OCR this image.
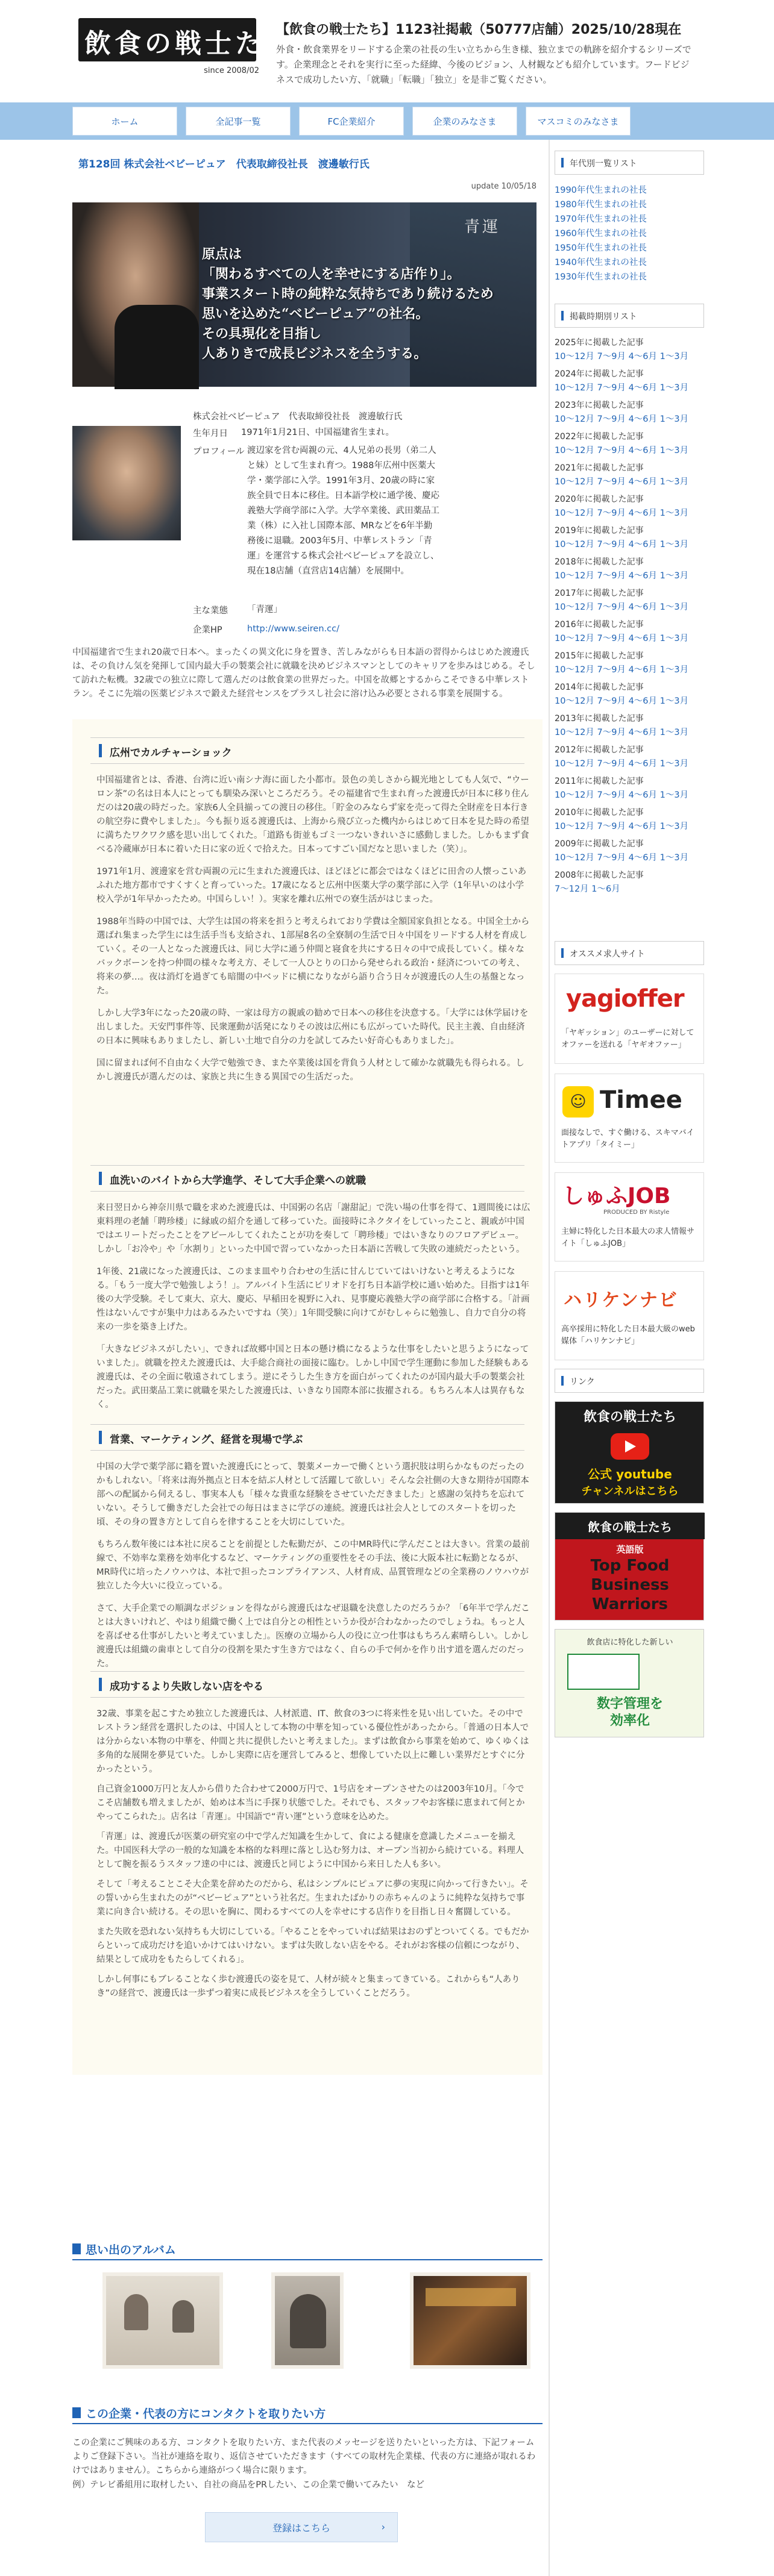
飲食の戦士たち
since 2008/02
【飲食の戦士たち】1123社掲載（50777店舗）2025/10/28現在
外食・飲食業界をリードする企業の社長の生い立ちから生き様、独立までの軌跡を紹介するシリーズです。企業理念とそれを実行に至った経緯、今後のビジョン、人材観なども紹介しています。フードビジネスで成功したい方、「就職」「転職」「独立」を是非ご覧ください。
ホーム	全記事一覧	FC企業紹介	企業のみなさま	マスコミのみなさま
第128回 株式会社ベビーピュア　代表取締役社長　渡邊敏行氏
update 10/05/18
青運
原点は
「関わるすべての人を幸せにする店作り」。
事業スタート時の純粋な気持ちであり続けるため
思いを込めた“ベビーピュア”の社名。
その具現化を目指し
人ありきで成長ビジネスを全うする。
株式会社ベビーピュア　代表取締役社長　渡邊敏行氏
生年月日 1971年1月21日、中国福建省生まれ。
プロフィール 渡辺家を営む両親の元、4人兄弟の長男（弟二人と妹）として生まれ育つ。1988年広州中医薬大学・薬学部に入学。1991年3月、20歳の時に家族全員で日本に移住。日本語学校に通学後、慶応義塾大学商学部に入学。大学卒業後、武田薬品工業（株）に入社し国際本部、MRなどを6年半勤務後に退職。2003年5月、中華レストラン「青運」を運営する株式会社ベビーピュアを設立し、現在18店舗（直営店14店舗）を展開中。
主な業態	「青運」
企業HP	http://www.seiren.cc/
中国福建省で生まれ20歳で日本へ。まったくの異文化に身を置き、苦しみながらも日本語の習得からはじめた渡邊氏は、その負けん気を発揮して国内最大手の製薬会社に就職を決めビジネスマンとしてのキャリアを歩みはじめる。そして訪れた転機。32歳での独立に際して選んだのは飲食業の世界だった。中国を故郷とするからこそできる中華レストラン。そこに先端の医薬ビジネスで鍛えた経営センスをプラスし社会に溶け込み必要とされる事業を展開する。
広州でカルチャーショック

中国福建省とは、香港、台湾に近い南シナ海に面した小都市。景色の美しさから観光地としても人気で、“ウーロン茶”の名は日本人にとっても馴染み深いところだろう。その福建省で生まれ育った渡邊氏が日本に移り住んだのは20歳の時だった。家族6人全員揃っての渡日の移住。「貯金のみならず家を売って得た全財産を日本行きの航空券に費やしました」。今も振り返る渡邊氏は、上海から飛び立った機内からはじめて日本を見た時の希望に満ちたワクワク感を思い出してくれた。「道路も街並もゴミ一つないきれいさに感動しました。しかもまず食べる冷蔵庫が日本に着いた日に家の近くで拾えた。日本ってすごい国だなと思いました（笑）」。

1971年1月、渡邊家を営む両親の元に生まれた渡邊氏は、ほどほどに都会ではなくほどに田舎の人懐っこいあふれた地方都市ですくすくと育っていった。17歳になると広州中医薬大学の薬学部に入学（1年早いのは小学校入学が1年早かったため。中国らしい！）。実家を離れ広州での寮生活がはじまった。

1988年当時の中国では、大学生は国の将来を担うと考えられており学費は全額国家負担となる。中国全土から選ばれ集まった学生には生活手当も支給され、1部屋8名の全寮制の生活で日々中国をリードする人材を育成していく。その一人となった渡邊氏は、同じ大学に通う仲間と寝食を共にする日々の中で成長していく。様々なバックボーンを持つ仲間の様々な考え方、そして一人ひとりの口から発せられる政治・経済についての考え、将来の夢…。夜は消灯を過ぎても暗闇の中ベッドに横になりながら語り合う日々が渡邊氏の人生の基盤となった。

しかし大学3年になった20歳の時、一家は母方の親戚の勧めで日本への移住を決意する。「大学には休学届けを出しました。天安門事件等、民衆運動が活発になりその波は広州にも広がっていた時代。民主主義、自由経済の日本に興味もありましたし、新しい土地で自分の力を試してみたい好奇心もありました」。

国に留まれば何不自由なく大学で勉強でき、また卒業後は国を背負う人材として確かな就職先も得られる。しかし渡邊氏が選んだのは、家族と共に生きる異国での生活だった。

血洗いのバイトから大学進学、そして大手企業への就職

来日翌日から神奈川県で職を求めた渡邊氏は、中国粥の名店「謝甜記」で洗い場の仕事を得て、1週間後には広東料理の老舗「聘珍楼」に縁戚の紹介を通して移っていた。面接時にネクタイをしていったこと、親戚が中国ではエリートだったことをアピールしてくれたことが功を奏して「聘珍楼」ではいきなりのフロアデビュー。しかし「お冷や」や「水割り」といった中国で習っていなかった日本語に苦戦して失敗の連続だったという。

1年後、21歳になった渡邊氏は、このまま皿やり合わせの生活に甘んじていてはいけないと考えるようになる。「もう一度大学で勉強しよう！」。アルバイト生活にピリオドを打ち日本語学校に通い始めた。目指すは1年後の大学受験。そして東大、京大、慶応、早稲田を視野に入れ、見事慶応義塾大学の商学部に合格する。「計画性はないんですが集中力はあるみたいですね（笑）」1年間受験に向けてがむしゃらに勉強し、自力で自分の将来の一歩を築き上げた。

「大きなビジネスがしたい」、できれば故郷中国と日本の懸け橋になるような仕事をしたいと思うようになっていました」。就職を控えた渡邊氏は、大手総合商社の面接に臨む。しかし中国で学生運動に参加した経験もある渡邊氏は、その全面に敬遠されてしまう。逆にそうした生き方を面白がってくれたのが国内最大手の製薬会社だった。武田薬品工業に就職を果たした渡邊氏は、いきなり国際本部に抜擢される。もちろん本人は異存もなく。

営業、マーケティング、経営を現場で学ぶ

中国の大学で薬学部に籍を置いた渡邊氏にとって、製薬メーカーで働くという選択肢は明らかなものだったのかもしれない。「将来は海外拠点と日本を結ぶ人材として活躍して欲しい」そんな会社側の大きな期待が国際本部への配属から伺えるし、事実本人も「様々な貴重な経験をさせていただきました」と感謝の気持ちを忘れていない。そうして働きだした会社での毎日はまさに学びの連続。渡邊氏は社会人としてのスタートを切った頃、その身の置き方として自らを律することを大切にしていた。

もちろん数年後には本社に戻ることを前提とした転勤だが、この中MR時代に学んだことは大きい。営業の最前線で、不効率な業務を効率化するなど、マーケティングの重要性をその手法、後に大阪本社に転勤となるが、MR時代に培ったノウハウは、本社で担ったコンプライアンス、人材育成、品質管理などの全業務のノウハウが独立した今大いに役立っている。

さて、大手企業での順調なポジションを得ながら渡邊氏はなぜ退職を決意したのだろうか？「6年半で学んだことは大きいけれど、やはり組織で働く上では自分との相性というか役が合わなかったのでしょうね。もっと人を喜ばせる仕事がしたいと考えていました」。医療の立場から人の役に立つ仕事はもちろん素晴らしい。しかし渡邊氏は組織の歯車として自分の役割を果たす生き方ではなく、自らの手で何かを作り出す道を選んだのだった。

成功するより失敗しない店をやる

32歳、事業を起こすため独立した渡邊氏は、人材派遣、IT、飲食の3つに将来性を見い出していた。その中でレストラン経営を選択したのは、中国人として本物の中華を知っている優位性があったから。「普通の日本人では分からない本物の中華を、仲間と共に提供したいと考えました」。まずは飲食から事業を始めて、ゆくゆくは多角的な展開を夢見ていた。しかし実際に店を運営してみると、想像していた以上に難しい業界だとすぐに分かったという。

自己資金1000万円と友人から借りた合わせて2000万円で、1号店をオープンさせたのは2003年10月。「今でこそ店舗数も増えましたが、始めは本当に手探り状態でした。それでも、スタッフやお客様に恵まれて何とかやってこられた」。店名は「青運」。中国語で“青い運”という意味を込めた。

「青運」は、渡邊氏が医薬の研究室の中で学んだ知識を生かして、食による健康を意識したメニューを揃えた。中国医科大学の一般的な知識を本格的な料理に落とし込む努力は、オープン当初から続けている。料理人として腕を振るうスタッフ達の中には、渡邊氏と同じように中国から来日した人も多い。

そして「考えることこそ大企業を辞めたのだから、私はシンプルにピュアに夢の実現に向かって行きたい」。その誓いから生まれたのが“ベビーピュア”という社名だ。生まれたばかりの赤ちゃんのように純粋な気持ちで事業に向き合い続ける。その思いを胸に、関わるすべての人を幸せにする店作りを目指し日々奮闘している。

また失敗を恐れない気持ちも大切にしている。「やることをやっていれば結果はおのずとついてくる。でもだからといって成功だけを追いかけてはいけない。まずは失敗しない店をやる。それがお客様の信頼につながり、結果として成功をもたらしてくれる」。

しかし何事にもブレることなく歩む渡邊氏の姿を見て、人材が続々と集まってきている。これからも“人ありき”の経営で、渡邊氏は一歩ずつ着実に成長ビジネスを全うしていくことだろう。

思い出のアルバム
この企業・代表の方にコンタクトを取りたい方
この企業にご興味のある方、コンタクトを取りたい方、また代表のメッセージを送りたいといった方は、下記フォームよりご登録下さい。当社が連絡を取り、返信させていただきます（すべての取材先企業様、代表の方に連絡が取れるわけではありません）。こちらから連絡がつく場合に限ります。
例）テレビ番組用に取材したい、自社の商品をPRしたい、この企業で働いてみたい　など
登録はこちら	›
年代別一覧リスト
1990年代生まれの社長
1980年代生まれの社長
1970年代生まれの社長
1960年代生まれの社長
1950年代生まれの社長
1940年代生まれの社長
1930年代生まれの社長
掲載時期別リスト
2025年に掲載した記事
10〜12月 7〜9月 4〜6月 1〜3月
2024年に掲載した記事
10〜12月 7〜9月 4〜6月 1〜3月
2023年に掲載した記事
10〜12月 7〜9月 4〜6月 1〜3月
2022年に掲載した記事
10〜12月 7〜9月 4〜6月 1〜3月
2021年に掲載した記事
10〜12月 7〜9月 4〜6月 1〜3月
2020年に掲載した記事
10〜12月 7〜9月 4〜6月 1〜3月
2019年に掲載した記事
10〜12月 7〜9月 4〜6月 1〜3月
2018年に掲載した記事
10〜12月 7〜9月 4〜6月 1〜3月
2017年に掲載した記事
10〜12月 7〜9月 4〜6月 1〜3月
2016年に掲載した記事
10〜12月 7〜9月 4〜6月 1〜3月
2015年に掲載した記事
10〜12月 7〜9月 4〜6月 1〜3月
2014年に掲載した記事
10〜12月 7〜9月 4〜6月 1〜3月
2013年に掲載した記事
10〜12月 7〜9月 4〜6月 1〜3月
2012年に掲載した記事
10〜12月 7〜9月 4〜6月 1〜3月
2011年に掲載した記事
10〜12月 7〜9月 4〜6月 1〜3月
2010年に掲載した記事
10〜12月 7〜9月 4〜6月 1〜3月
2009年に掲載した記事
10〜12月 7〜9月 4〜6月 1〜3月
2008年に掲載した記事
7〜12月 1〜6月
オススメ求人サイト
yagioffer
「ヤギッション」のユーザーに対してオファーを送れる「ヤギオファー」
☺ Timee
面接なしで、すぐ働ける、スキマバイトアプリ「タイミー」
しゅふJOB
PRODUCED BY Ristyle
主婦に特化した日本最大の求人情報サイト「しゅふJOB」
ハリケンナビ
高卒採用に特化した日本最大級のweb媒体「ハリケンナビ」
リンク
飲食の戦士たち
公式 youtube
チャンネルはこちら
飲食の戦士たち
英語版
Top Food
Business
Warriors
飲食店に特化した新しい
数字管理を
効率化
